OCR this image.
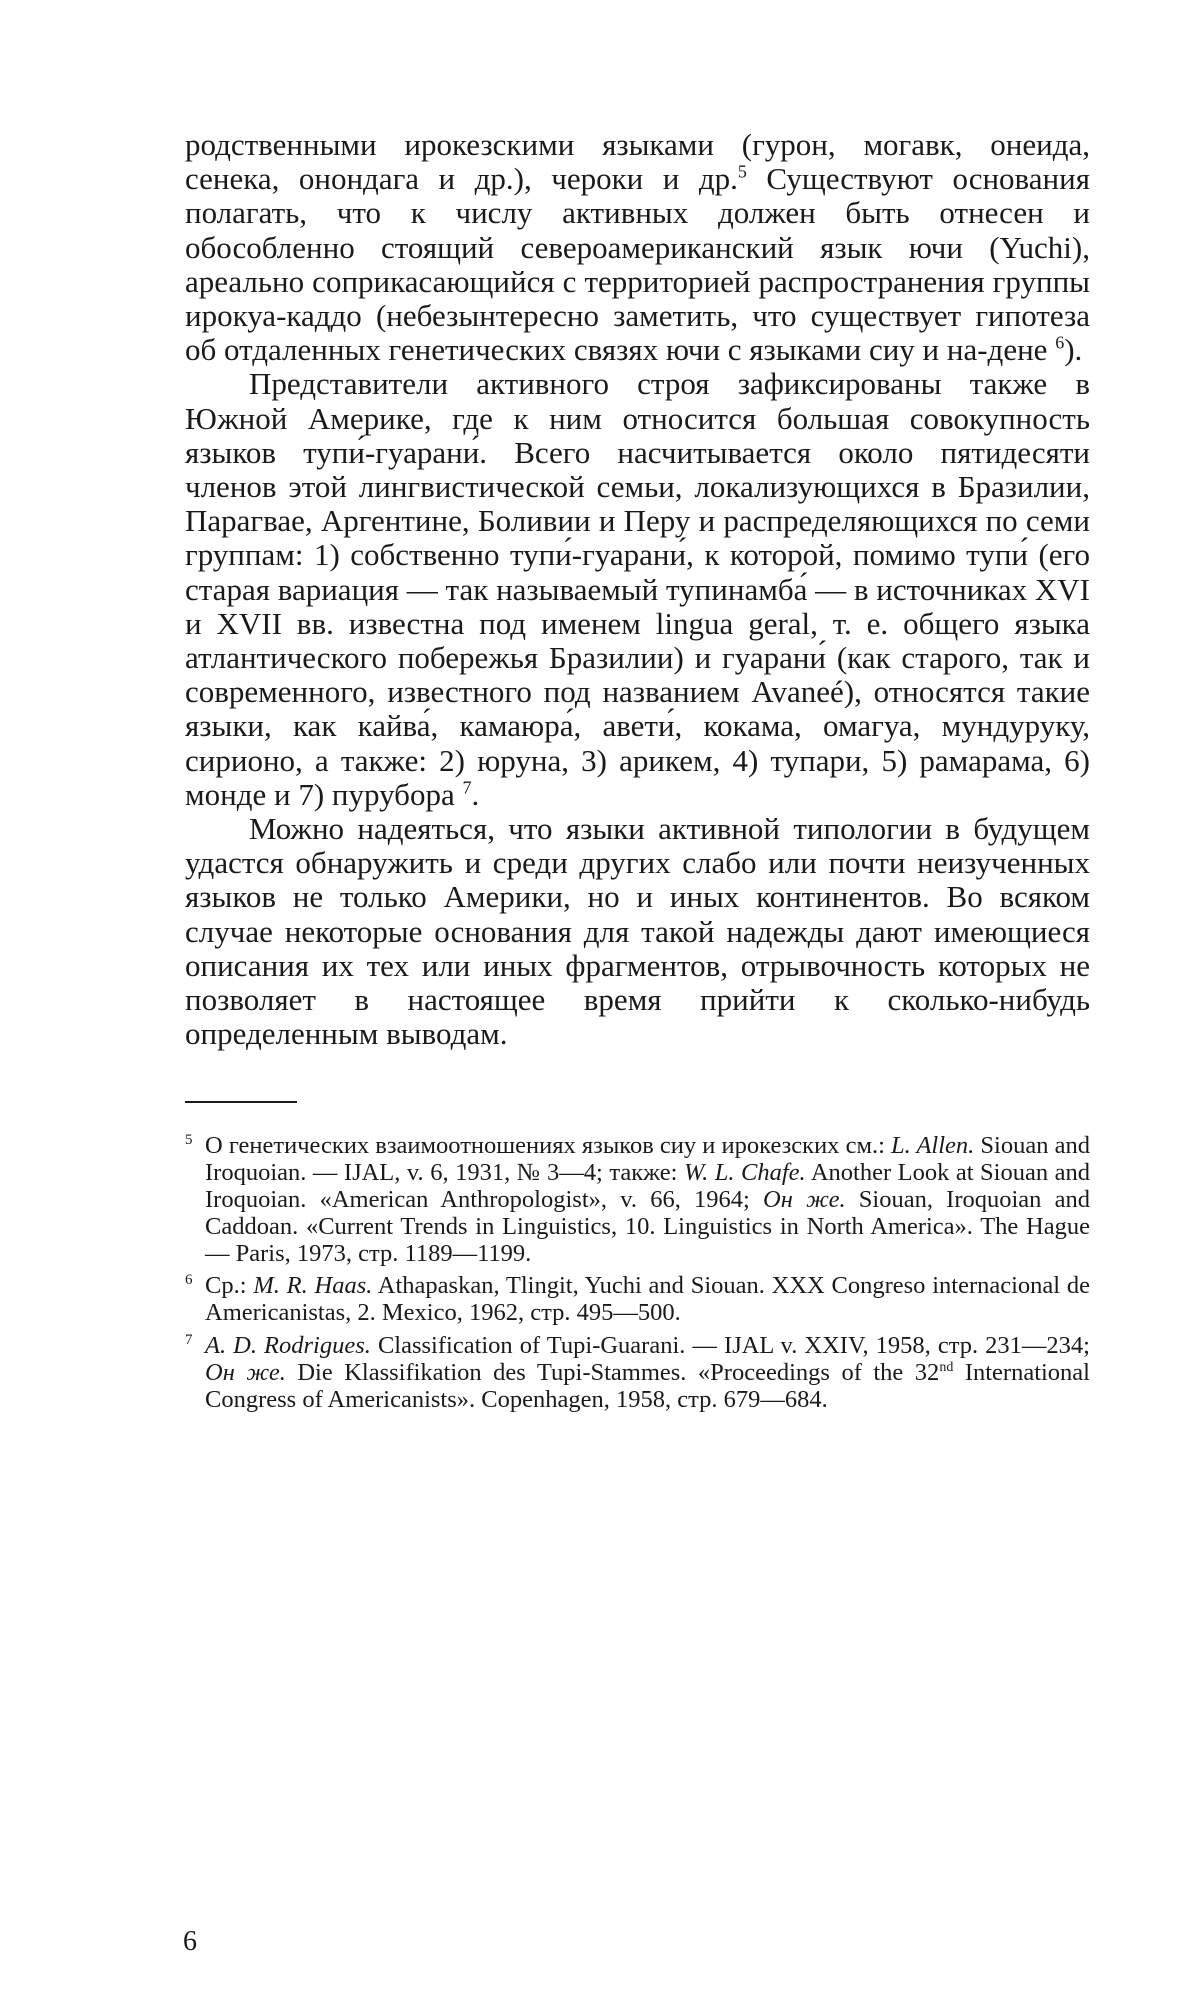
родственными ирокезскими языками (гурон, могавк, онеида, сенека, онондага и др.), чероки и др.$^5$ Существуют основания полагать, что к числу активных должен быть отнесен и обособленно стоящий североамериканский язык ючи (Yuchi), ареально соприкасающийся с территорией распространения группы ирокуа-каддо (небезынтересно заметить, что существует гипотеза об отдаленных генетических связях ючи с языками сиу и на-дене $^6$).

Представители активного строя зафиксированы также в Южной Америке, где к ним относится большая совокупность языков тупи́-гуарани́. Всего насчитывается около пятидесяти членов этой лингвистической семьи, локализующихся в Бразилии, Парагвае, Аргентине, Боливии и Перу и распределяющихся по семи группам: 1) собственно тупи́-гуарани́, к которой, помимо тупи́ (его старая вариация — так называемый тупинамба́ — в источниках XVI и XVII вв. известна под именем lingua geral, т. е. общего языка атлантического побережья Бразилии) и гуарани́ (как старого, так и современного, известного под названием Avaneé), относятся такие языки, как кайва́, камаюра́, авети́, кокама, омагуа, мундуруку, сирионо, а также: 2) юруна, 3) арикем, 4) тупари, 5) рамарама, 6) монде и 7) пурубора $^7$.

Можно надеяться, что языки активной типологии в будущем удастся обнаружить и среди других слабо или почти неизученных языков не только Америки, но и иных континентов. Во всяком случае некоторые основания для такой надежды дают имеющиеся описания их тех или иных фрагментов, отрывочность которых не позволяет в настоящее время прийти к сколько-нибудь определенным выводам.

5 О генетических взаимоотношениях языков сиу и ирокезских см.: L. Allen. Siouan and Iroquoian. — IJAL, v. 6, 1931, № 3—4; также: W. L. Chafe. Another Look at Siouan and Iroquoian. «American Anthropologist», v. 66, 1964; Он же. Siouan, Iroquoian and Caddoan. «Current Trends in Linguistics, 10. Linguistics in North America». The Hague — Paris, 1973, стр. 1189—1199.

6 Ср.: M. R. Haas. Athapaskan, Tlingit, Yuchi and Siouan. XXX Congreso internacional de Americanistas, 2. Mexico, 1962, стр. 495—500.

7 A. D. Rodrigues. Classification of Tupi-Guarani. — IJAL v. XXIV, 1958, стр. 231—234; Он же. Die Klassifikation des Tupi-Stammes. «Proceedings of the 32nd International Congress of Americanists». Copenhagen, 1958, стр. 679—684.

6
